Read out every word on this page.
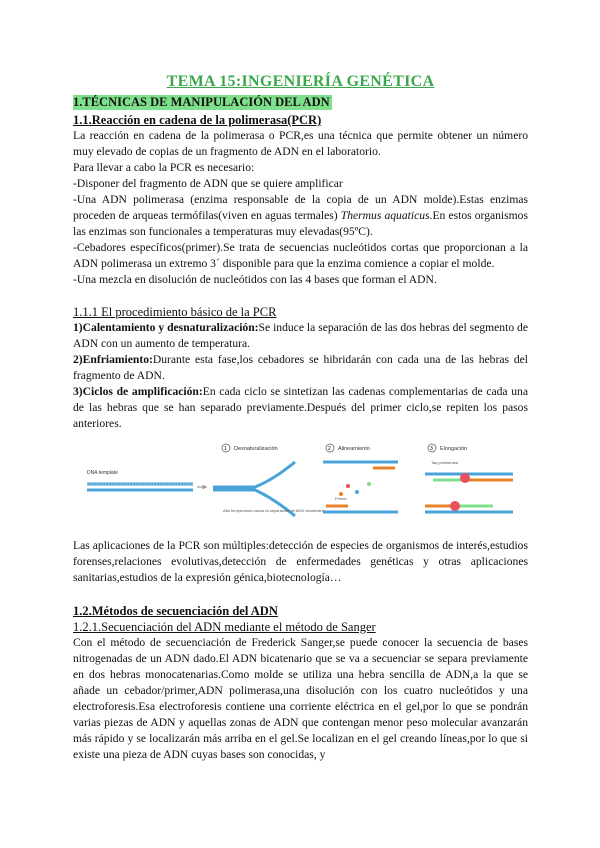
TEMA 15:INGENIERÍA GENÉTICA
1.TÉCNICAS DE MANIPULACIÓN DEL ADN
1.1.Reacción en cadena de la polimerasa(PCR)

La reacción en cadena de la polimerasa o PCR,es una técnica que permite obtener un número muy elevado de copias de un fragmento de ADN en el laboratorio.

Para llevar a cabo la PCR es necesario:

-Disponer del fragmento de ADN que se quiere amplificar

-Una ADN polimerasa (enzima responsable de la copia de un ADN molde).Estas enzimas proceden de arqueas termófilas(viven en aguas termales) Thermus aquaticus.En estos organismos las enzimas son funcionales a temperaturas muy elevadas(95ºC).

-Cebadores específicos(primer).Se trata de secuencias nucleótidos cortas que proporcionan a la ADN polimerasa un extremo 3´ disponible para que la enzima comience a copiar el molde.

-Una mezcla en disolución de nucleótidos con las 4 bases que forman el ADN.

1.1.1 El procedimiento básico de la PCR

1)Calentamiento y desnaturalización:Se induce la separación de las dos hebras del segmento de ADN con un aumento de temperatura.

2)Enfriamiento:Durante esta fase,los cebadores se hibridarán con cada una de las hebras del fragmento de ADN.

3)Ciclos de amplificación:En cada ciclo se sintetizan las cadenas complementarias de cada una de las hebras que se han separado previamente.Después del primer ciclo,se repiten los pasos anteriores.

DNA template
1 Desnaturalización
Alta temperatura causa la separación de ADN bicatenario
2 Alineamiento
Primer
3 Elongación
Taq polimerasa

Las aplicaciones de la PCR son múltiples:detección de especies de organismos de interés,estudios forenses,relaciones evolutivas,detección de enfermedades genéticas y otras aplicaciones sanitarias,estudios de la expresión génica,biotecnología…

1.2.Métodos de secuenciación del ADN
1.2.1.Secuenciación del ADN mediante el método de Sanger

Con el método de secuenciación de Frederick Sanger,se puede conocer la secuencia de bases nitrogenadas de un ADN dado.El ADN bicatenario que se va a secuenciar se separa previamente en dos hebras monocatenarias.Como molde se utiliza una hebra sencilla de ADN,a la que se añade un cebador/primer,ADN polimerasa,una disolución con los cuatro nucleótidos y una electroforesis.Esa electroforesis contiene una corriente eléctrica en el gel,por lo que se pondrán varias piezas de ADN y aquellas zonas de ADN que contengan menor peso molecular avanzarán más rápido y se localizarán más arriba en el gel.Se localizan en el gel creando líneas,por lo que si existe una pieza de ADN cuyas bases son conocidas, y
